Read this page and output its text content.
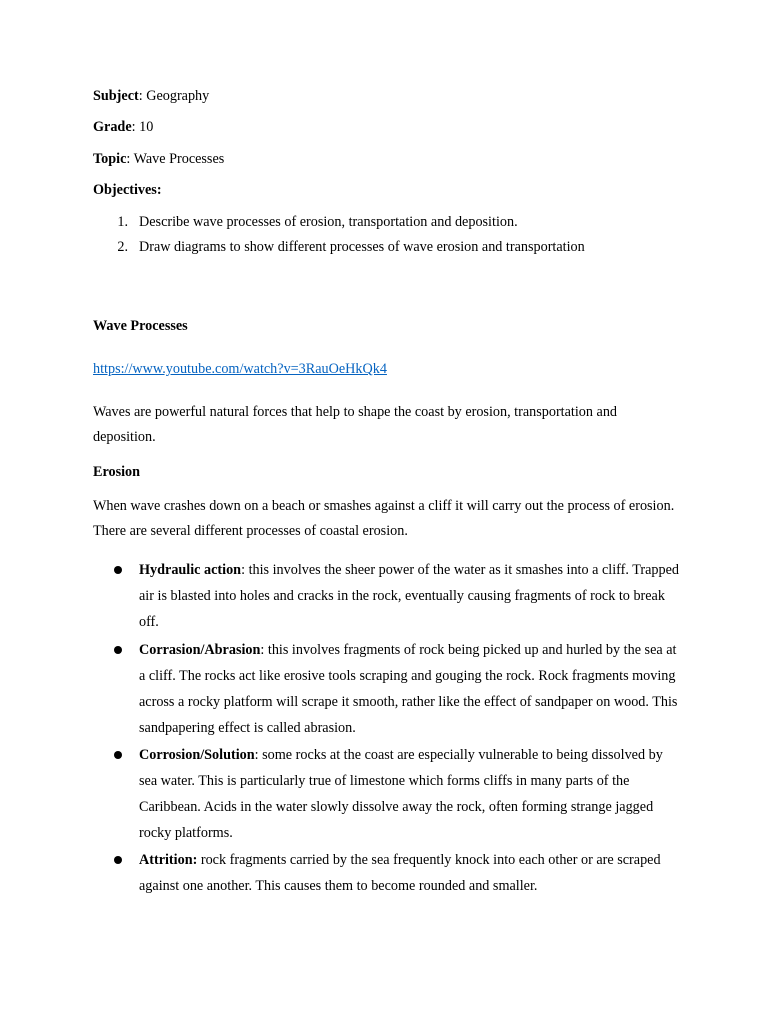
Subject: Geography
Grade: 10
Topic: Wave Processes
Objectives:
1. Describe wave processes of erosion, transportation and deposition.
2. Draw diagrams to show different processes of wave erosion and transportation
Wave Processes
https://www.youtube.com/watch?v=3RauOeHkQk4
Waves are powerful natural forces that help to shape the coast by erosion, transportation and deposition.
Erosion
When wave crashes down on a beach or smashes against a cliff it will carry out the process of erosion. There are several different processes of coastal erosion.
Hydraulic action: this involves the sheer power of the water as it smashes into a cliff. Trapped air is blasted into holes and cracks in the rock, eventually causing fragments of rock to break off.
Corrasion/Abrasion: this involves fragments of rock being picked up and hurled by the sea at a cliff. The rocks act like erosive tools scraping and gouging the rock. Rock fragments moving across a rocky platform will scrape it smooth, rather like the effect of sandpaper on wood. This sandpapering effect is called abrasion.
Corrosion/Solution: some rocks at the coast are especially vulnerable to being dissolved by sea water. This is particularly true of limestone which forms cliffs in many parts of the Caribbean. Acids in the water slowly dissolve away the rock, often forming strange jagged rocky platforms.
Attrition: rock fragments carried by the sea frequently knock into each other or are scraped against one another. This causes them to become rounded and smaller.
